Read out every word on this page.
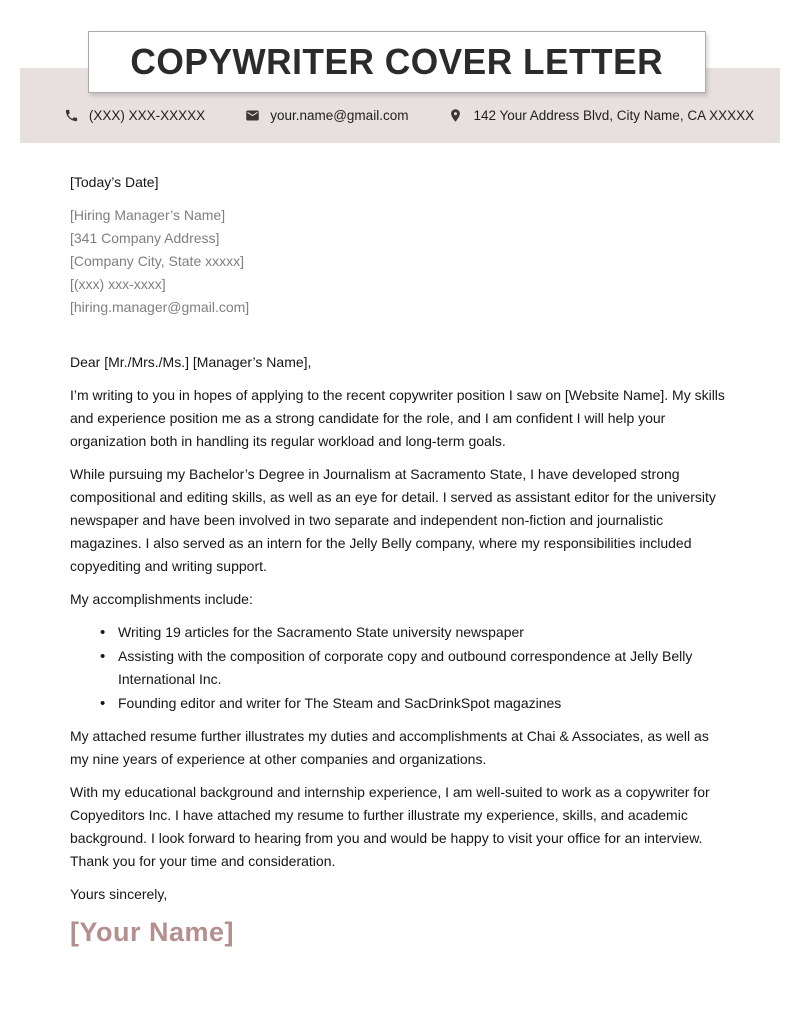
COPYWRITER COVER LETTER
(XXX) XXX-XXXXX	your.name@gmail.com	142 Your Address Blvd, City Name, CA XXXXX

[Today’s Date]

[Hiring Manager’s Name]
[341 Company Address]
[Company City, State xxxxx]
[(xxx) xxx-xxxx]
[hiring.manager@gmail.com]

Dear [Mr./Mrs./Ms.] [Manager’s Name],

I’m writing to you in hopes of applying to the recent copywriter position I saw on [Website Name]. My skills and experience position me as a strong candidate for the role, and I am confident I will help your organization both in handling its regular workload and long-term goals.

While pursuing my Bachelor’s Degree in Journalism at Sacramento State, I have developed strong compositional and editing skills, as well as an eye for detail. I served as assistant editor for the university newspaper and have been involved in two separate and independent non-fiction and journalistic magazines. I also served as an intern for the Jelly Belly company, where my responsibilities included copyediting and writing support.

My accomplishments include:

• Writing 19 articles for the Sacramento State university newspaper
• Assisting with the composition of corporate copy and outbound correspondence at Jelly Belly International Inc.
• Founding editor and writer for The Steam and SacDrinkSpot magazines

My attached resume further illustrates my duties and accomplishments at Chai & Associates, as well as my nine years of experience at other companies and organizations.

With my educational background and internship experience, I am well-suited to work as a copywriter for Copyeditors Inc. I have attached my resume to further illustrate my experience, skills, and academic background. I look forward to hearing from you and would be happy to visit your office for an interview. Thank you for your time and consideration.

Yours sincerely,

[Your Name]
